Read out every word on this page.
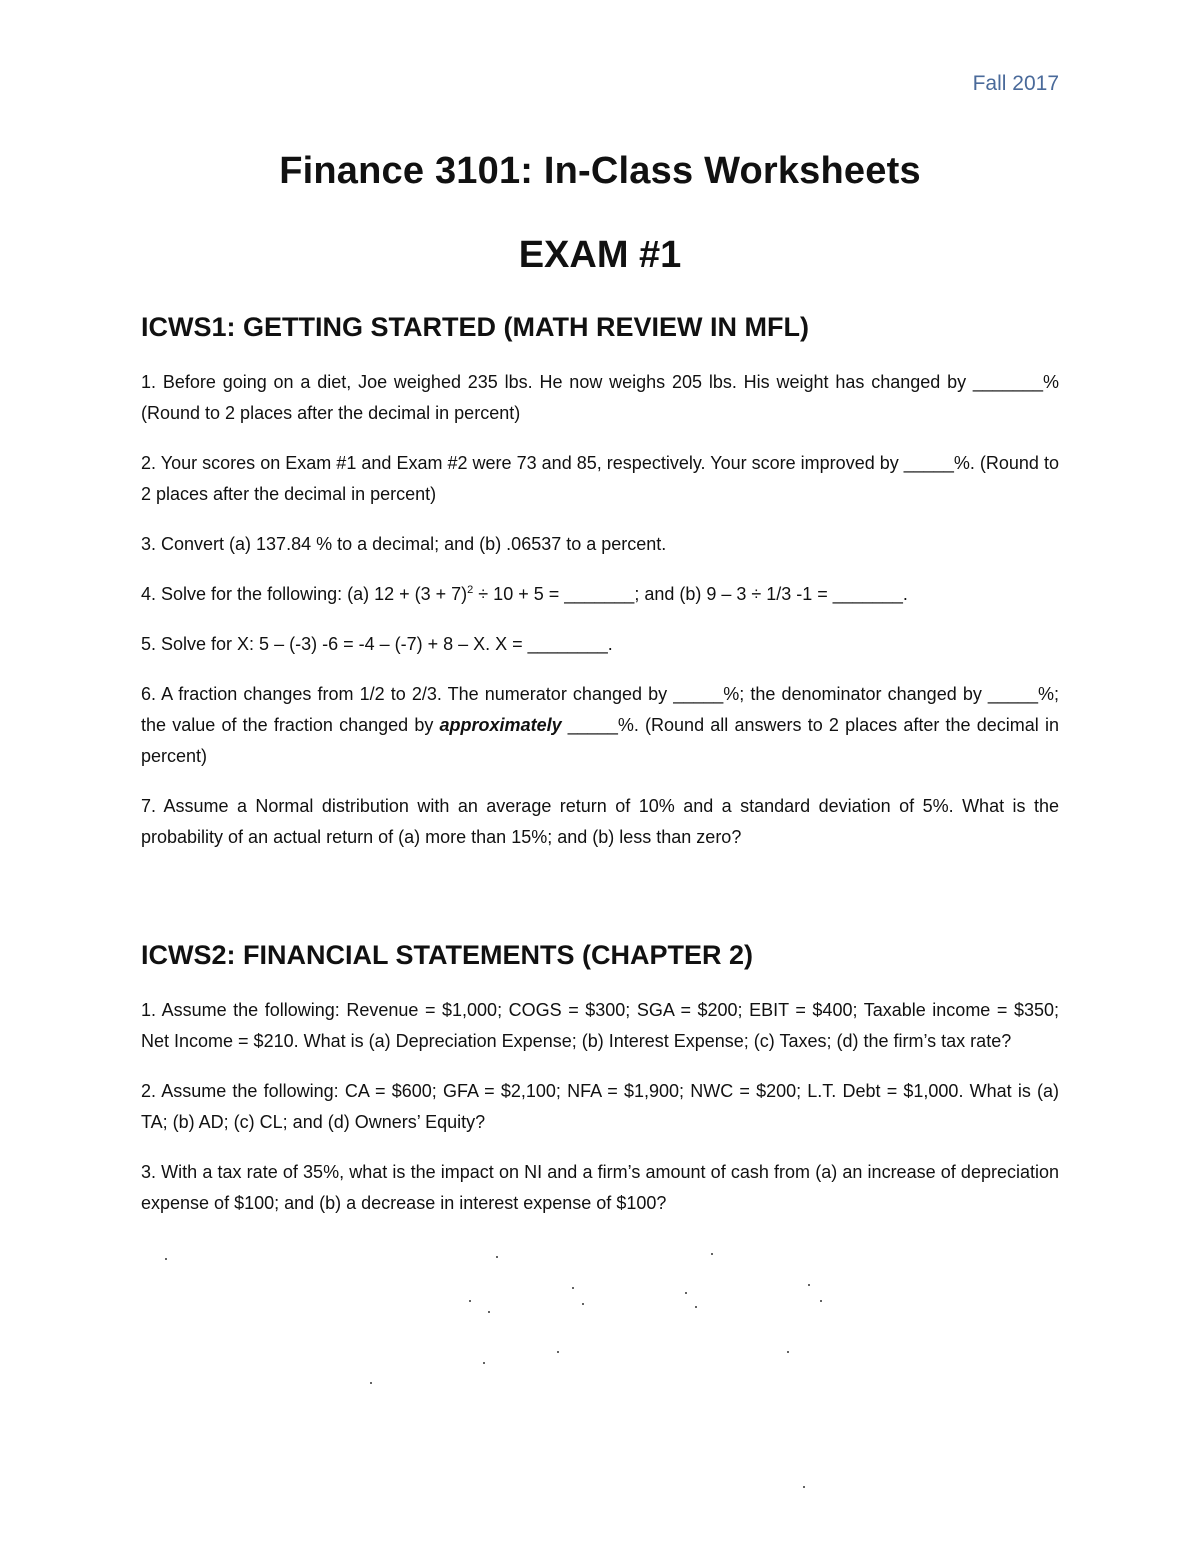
Fall 2017
Finance 3101: In-Class Worksheets
EXAM #1
ICWS1: GETTING STARTED (MATH REVIEW IN MFL)

1. Before going on a diet, Joe weighed 235 lbs. He now weighs 205 lbs. His weight has changed by _______% (Round to 2 places after the decimal in percent)

2. Your scores on Exam #1 and Exam #2 were 73 and 85, respectively. Your score improved by _____%. (Round to 2 places after the decimal in percent)

3. Convert (a) 137.84 % to a decimal; and (b) .06537 to a percent.

4. Solve for the following: (a) $12 + (3 + 7)^2 \div 10 + 5$ = _______; and (b) 9 – 3 ÷ 1/3 -1 = _______.

5. Solve for X: 5 – (-3) -6 = -4 – (-7) + 8 – X. X = ________.

6. A fraction changes from 1/2 to 2/3. The numerator changed by _____%; the denominator changed by _____%; the value of the fraction changed by approximately _____%. (Round all answers to 2 places after the decimal in percent)

7. Assume a Normal distribution with an average return of 10% and a standard deviation of 5%. What is the probability of an actual return of (a) more than 15%; and (b) less than zero?

ICWS2: FINANCIAL STATEMENTS (CHAPTER 2)

1. Assume the following: Revenue = $1,000; COGS = $300; SGA = $200; EBIT = $400; Taxable income = $350; Net Income = $210. What is (a) Depreciation Expense; (b) Interest Expense; (c) Taxes; (d) the firm’s tax rate?

2. Assume the following: CA = $600; GFA = $2,100; NFA = $1,900; NWC = $200; L.T. Debt = $1,000. What is (a) TA; (b) AD; (c) CL; and (d) Owners’ Equity?

3. With a tax rate of 35%, what is the impact on NI and a firm’s amount of cash from (a) an increase of depreciation expense of $100; and (b) a decrease in interest expense of $100?
